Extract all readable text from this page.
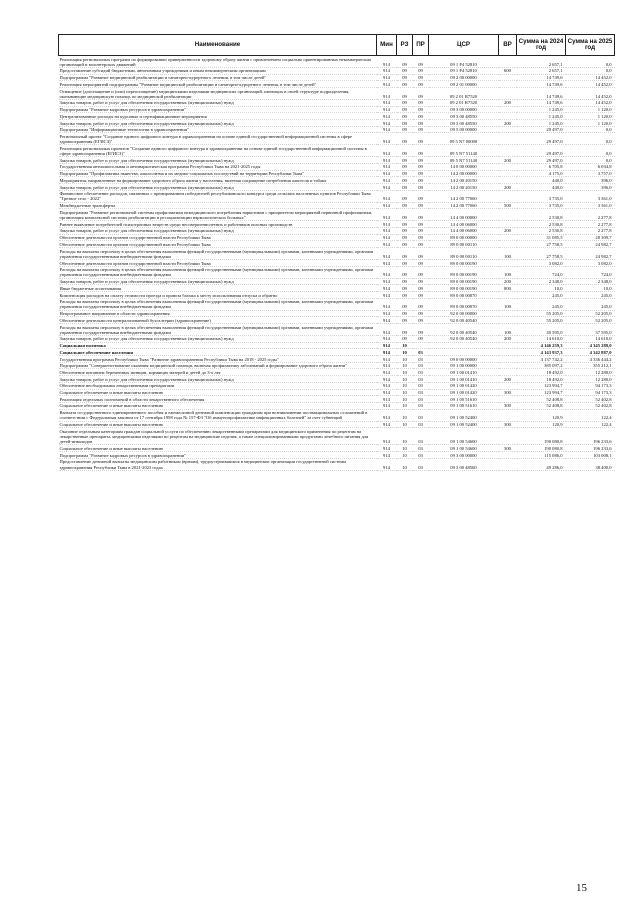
Наименование	Мин	РЗ	ПР	ЦСР	ВР	Сумма на 2024 год	Сумма на 2025 год
Реализация региональных программ по формированию приверженности здоровому образу жизни с привлечением социально ориентированных некоммерческих организаций и волонтерских движений	914	09	09	09 1 P4 52810		2 657,1	0,0
Предоставление субсидий бюджетным, автономным учреждениям и иным некоммерческим организациям	914	09	09	09 1 P4 52810	600	2 657,1	0,0
Подпрограмма "Развитие медицинской реабилитации и санаторно-курортного лечения, в том числе детей"	914	09	09	09 2 00 00000		14 749,6	14 452,0
Реализация мероприятий подпрограммы "Развитие медицинской реабилитации и санаторно-курортного лечения, в том числе детей"	914	09	09	09 2 01 00000		14 749,6	14 452,0
Оснащение (дооснащение и (или) переоснащение) медицинскими изделиями медицинских организаций, имеющих в своей структуре подразделения, оказывающие медицинскую помощь по медицинской реабилитации	914	09	09	09 2 01 R7520		14 749,6	14 452,0
Закупка товаров, работ и услуг для обеспечения государственных (муниципальных) нужд	914	09	09	09 2 01 R7520	200	14 749,6	14 452,0
Подпрограмма "Развитие кадровых ресурсов в здравоохранении"	914	09	09	09 3 00 00000		1 245,0	1 120,0
Централизованные расходы на курсовые и сертификационные мероприятия	914	09	09	09 3 00 48550		1 245,0	1 120,0
Закупка товаров, работ и услуг для обеспечения государственных (муниципальных) нужд	914	09	09	09 3 00 48550	200	1 245,0	1 120,0
Подпрограмма "Информационные технологии в здравоохранении"	914	09	09	09 5 00 00000		29 497,0	0,0
Региональный проект "Создание единого цифрового контура в здравоохранении на основе единой государственной информационной системы в сфере здравоохранения (ЕГИСЗ)"	914	09	09	09 5 N7 00000		29 497,0	0,0
Реализация региональных проектов "Создание единого цифрового контура в здравоохранении на основе единой государственной информационной системы в сфере здравоохранения (ЕГИСЗ)"	914	09	09	09 5 N7 51140		29 497,0	0,0
Закупка товаров, работ и услуг для обеспечения государственных (муниципальных) нужд	914	09	09	09 5 N7 51140	200	29 497,0	0,0
Государственная антиалкогольная и антинаркотическая программа Республики Тыва на 2021-2025 годы	914	09	09	14 0 00 00000		6 705,8	6 034,8
Подпрограмма "Профилактика пьянства, алкоголизма и их медико-социальных последствий на территории Республики Тыва"	914	09	09	14 2 00 00000		4 175,0	3 757,0
Мероприятия, направленные на формирование здорового образа жизни у населения, включая сокращение потребления алкоголя и табака	914	09	09	14 2 00 20150		440,0	396,0
Закупка товаров, работ и услуг для обеспечения государственных (муниципальных) нужд	914	09	09	14 2 00 20150	200	440,0	396,0
Финансовое обеспечение расходов, связанных с премированием победителей республиканского конкурса среди сельских населенных пунктов Республики Тыва "Трезвое село - 2022"	914	09	09	14 2 00 77060		3 735,0	3 361,0
Межбюджетные трансферты	914	09	09	14 2 00 77060	500	3 735,0	3 361,0
Подпрограмма "Развитие региональной системы профилактики немедицинского потребления наркотиков с приоритетом мероприятий первичной профилактики, организация комплексной системы реабилитации и ресоциализации наркологических больных"	914	09	09	14 4 00 00000		2 530,8	2 277,8
Раннее выявление потребителей психотропных веществ среди несовершеннолетних и работников опасных производств	914	09	09	14 4 00 06000		2 530,8	2 277,8
Закупка товаров, работ и услуг для обеспечения государственных (муниципальных) нужд	914	09	09	14 4 00 06000	200	2 530,8	2 277,8
Обеспечение деятельности органов государственной власти Республики Тыва	914	09	09	89 0 00 00000		31 085,5	28 309,7
Обеспечение деятельности органов государственной власти Республики Тыва	914	09	09	89 0 00 00110		27 758,5	24 982,7
Расходы на выплаты персоналу в целях обеспечения выполнения функций государственными (муниципальными) органами, казенными учреждениями, органами управления государственными внебюджетными фондами	914	09	09	89 0 00 00110	100	27 758,5	24 982,7
Обеспечение деятельности органов государственной власти Республики Тыва	914	09	09	89 0 00 00190		3 082,0	3 082,0
Расходы на выплаты персоналу в целях обеспечения выполнения функций государственными (муниципальными) органами, казенными учреждениями, органами управления государственными внебюджетными фондами	914	09	09	89 0 00 00190	100	724,0	724,0
Закупка товаров, работ и услуг для обеспечения государственных (муниципальных) нужд	914	09	09	89 0 00 00190	200	2 348,0	2 348,0
Иные бюджетные ассигнования	914	09	09	89 0 00 00190	800	10,0	10,0
Компенсация расходов на оплату стоимости проезда и провоза багажа к месту использования отпуска и обратно	914	09	09	89 0 00 00870		245,0	245,0
Расходы на выплаты персоналу в целях обеспечения выполнения функций государственными (муниципальными) органами, казенными учреждениями, органами управления государственными внебюджетными фондами	914	09	09	89 0 00 00870	100	245,0	245,0
Непрограммное направление в области здравоохранения	914	09	09	92 0 00 00000		55 205,0	52 205,0
Обеспечение деятельности централизованной бухгалтерии (здравоохранение)	914	09	09	92 0 00 40540		55 205,0	52 205,0
Расходы на выплаты персоналу в целях обеспечения выполнения функций государственными (муниципальными) органами, казенными учреждениями, органами управления государственными внебюджетными фондами	914	09	09	92 0 00 40540	100	40 595,0	37 595,0
Закупка товаров, работ и услуг для обеспечения государственных (муниципальных) нужд	914	09	09	92 0 00 40540	200	14 610,0	14 610,0
Социальная политика	914	10				4 146 259,3	4 345 289,0
Социальное обеспечение населения	914	10	03			4 143 937,3	4 342 887,0
Государственная программа Республики Тыва "Развитие здравоохранения Республики Тыва на 2018 - 2025 годы"	914	10	03	09 0 00 00000		4 137 742,2	4 336 444,2
Подпрограмма "Совершенствование оказания медицинской помощи, включая профилактику заболеваний и формирование здорового образа жизни"	914	10	03	09 1 00 00000		385 097,2	355 212,1
Обеспечение питанием беременных женщин, кормящих матерей и детей до 3-х лет	914	10	03	09 1 00 01410		18 492,0	12 280,0
Закупка товаров, работ и услуг для обеспечения государственных (муниципальных) нужд	914	10	03	09 1 00 01410	200	18 492,0	12 280,0
Обеспечение необходимыми лекарственными препаратами	914	10	03	09 1 00 01420		123 994,7	94 173,3
Социальное обеспечение и иные выплаты населению	914	10	03	09 1 00 01420	300	123 994,7	94 173,3
Реализация отдельных полномочий в области лекарственного обеспечения	914	10	03	09 1 00 51610		52 408,8	52 402,8
Социальное обеспечение и иные выплаты населению	914	10	03	09 1 00 51610	300	52 408,8	52 402,8
Выплата государственного единовременного пособия и ежемесячной денежной компенсации гражданам при возникновении поствакцинальных осложнений в соответствии с Федеральным законом от 17 сентября 1998 года № 157-ФЗ "Об иммунопрофилактике инфекционных болезней" за счет субвенций	914	10	03	09 1 00 52400		120,9	122,4
Социальное обеспечение и иные выплаты населению	914	10	03	09 1 00 52400	300	120,9	122,4
Оказание отдельным категориям граждан социальной услуги по обеспечению лекарственными препаратами для медицинского применения по рецептам на лекарственные препараты, медицинскими изделиями по рецептам на медицинские изделия, а также специализированными продуктами лечебного питания для детей-инвалидов	914	10	03	09 1 00 54600		190 080,8	196 233,6
Социальное обеспечение и иные выплаты населению	914	10	03	09 1 00 54600	300	190 080,8	196 233,6
Подпрограмма "Развитие кадровых ресурсов в здравоохранении"	914	10	03	09 3 00 00000		115 086,0	103 008,1
Предоставление денежной выплаты медицинским работникам (врачам), трудоустроившимся в медицинские организации государственной системы здравоохранения Республики Тыва в 2021-2023 годах	914	10	03	09 3 00 48560		49 286,0	38 400,0
15
